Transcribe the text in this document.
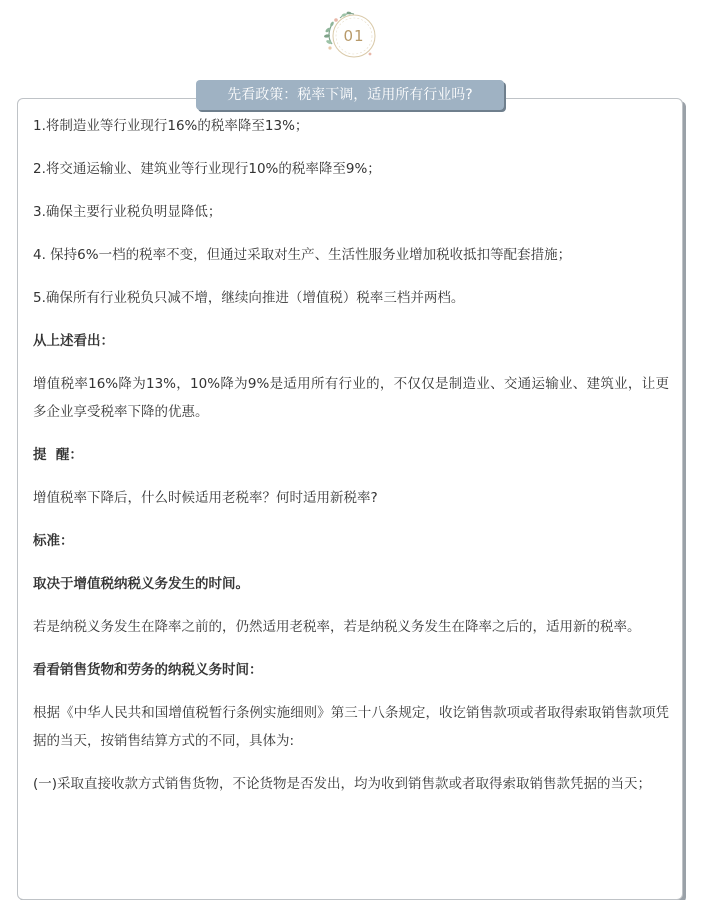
01
先看政策：税率下调，适用所有行业吗?

1.将制造业等行业现行16%的税率降至13%；

2.将交通运输业、建筑业等行业现行10%的税率降至9%；

3.确保主要行业税负明显降低；

4. 保持6%一档的税率不变，但通过采取对生产、生活性服务业增加税收抵扣等配套措施；

5.确保所有行业税负只减不增，继续向推进（增值税）税率三档并两档。

从上述看出：

增值税率16%降为13%，10%降为9%是适用所有行业的，不仅仅是制造业、交通运输业、建筑业，让更多企业享受税率下降的优惠。

提  醒：

增值税率下降后，什么时候适用老税率？何时适用新税率?

标准：

取决于增值税纳税义务发生的时间。

若是纳税义务发生在降率之前的，仍然适用老税率，若是纳税义务发生在降率之后的，适用新的税率。

看看销售货物和劳务的纳税义务时间：

根据《中华人民共和国增值税暂行条例实施细则》第三十八条规定，收讫销售款项或者取得索取销售款项凭据的当天，按销售结算方式的不同，具体为:

(一)采取直接收款方式销售货物，不论货物是否发出，均为收到销售款或者取得索取销售款凭据的当天；
